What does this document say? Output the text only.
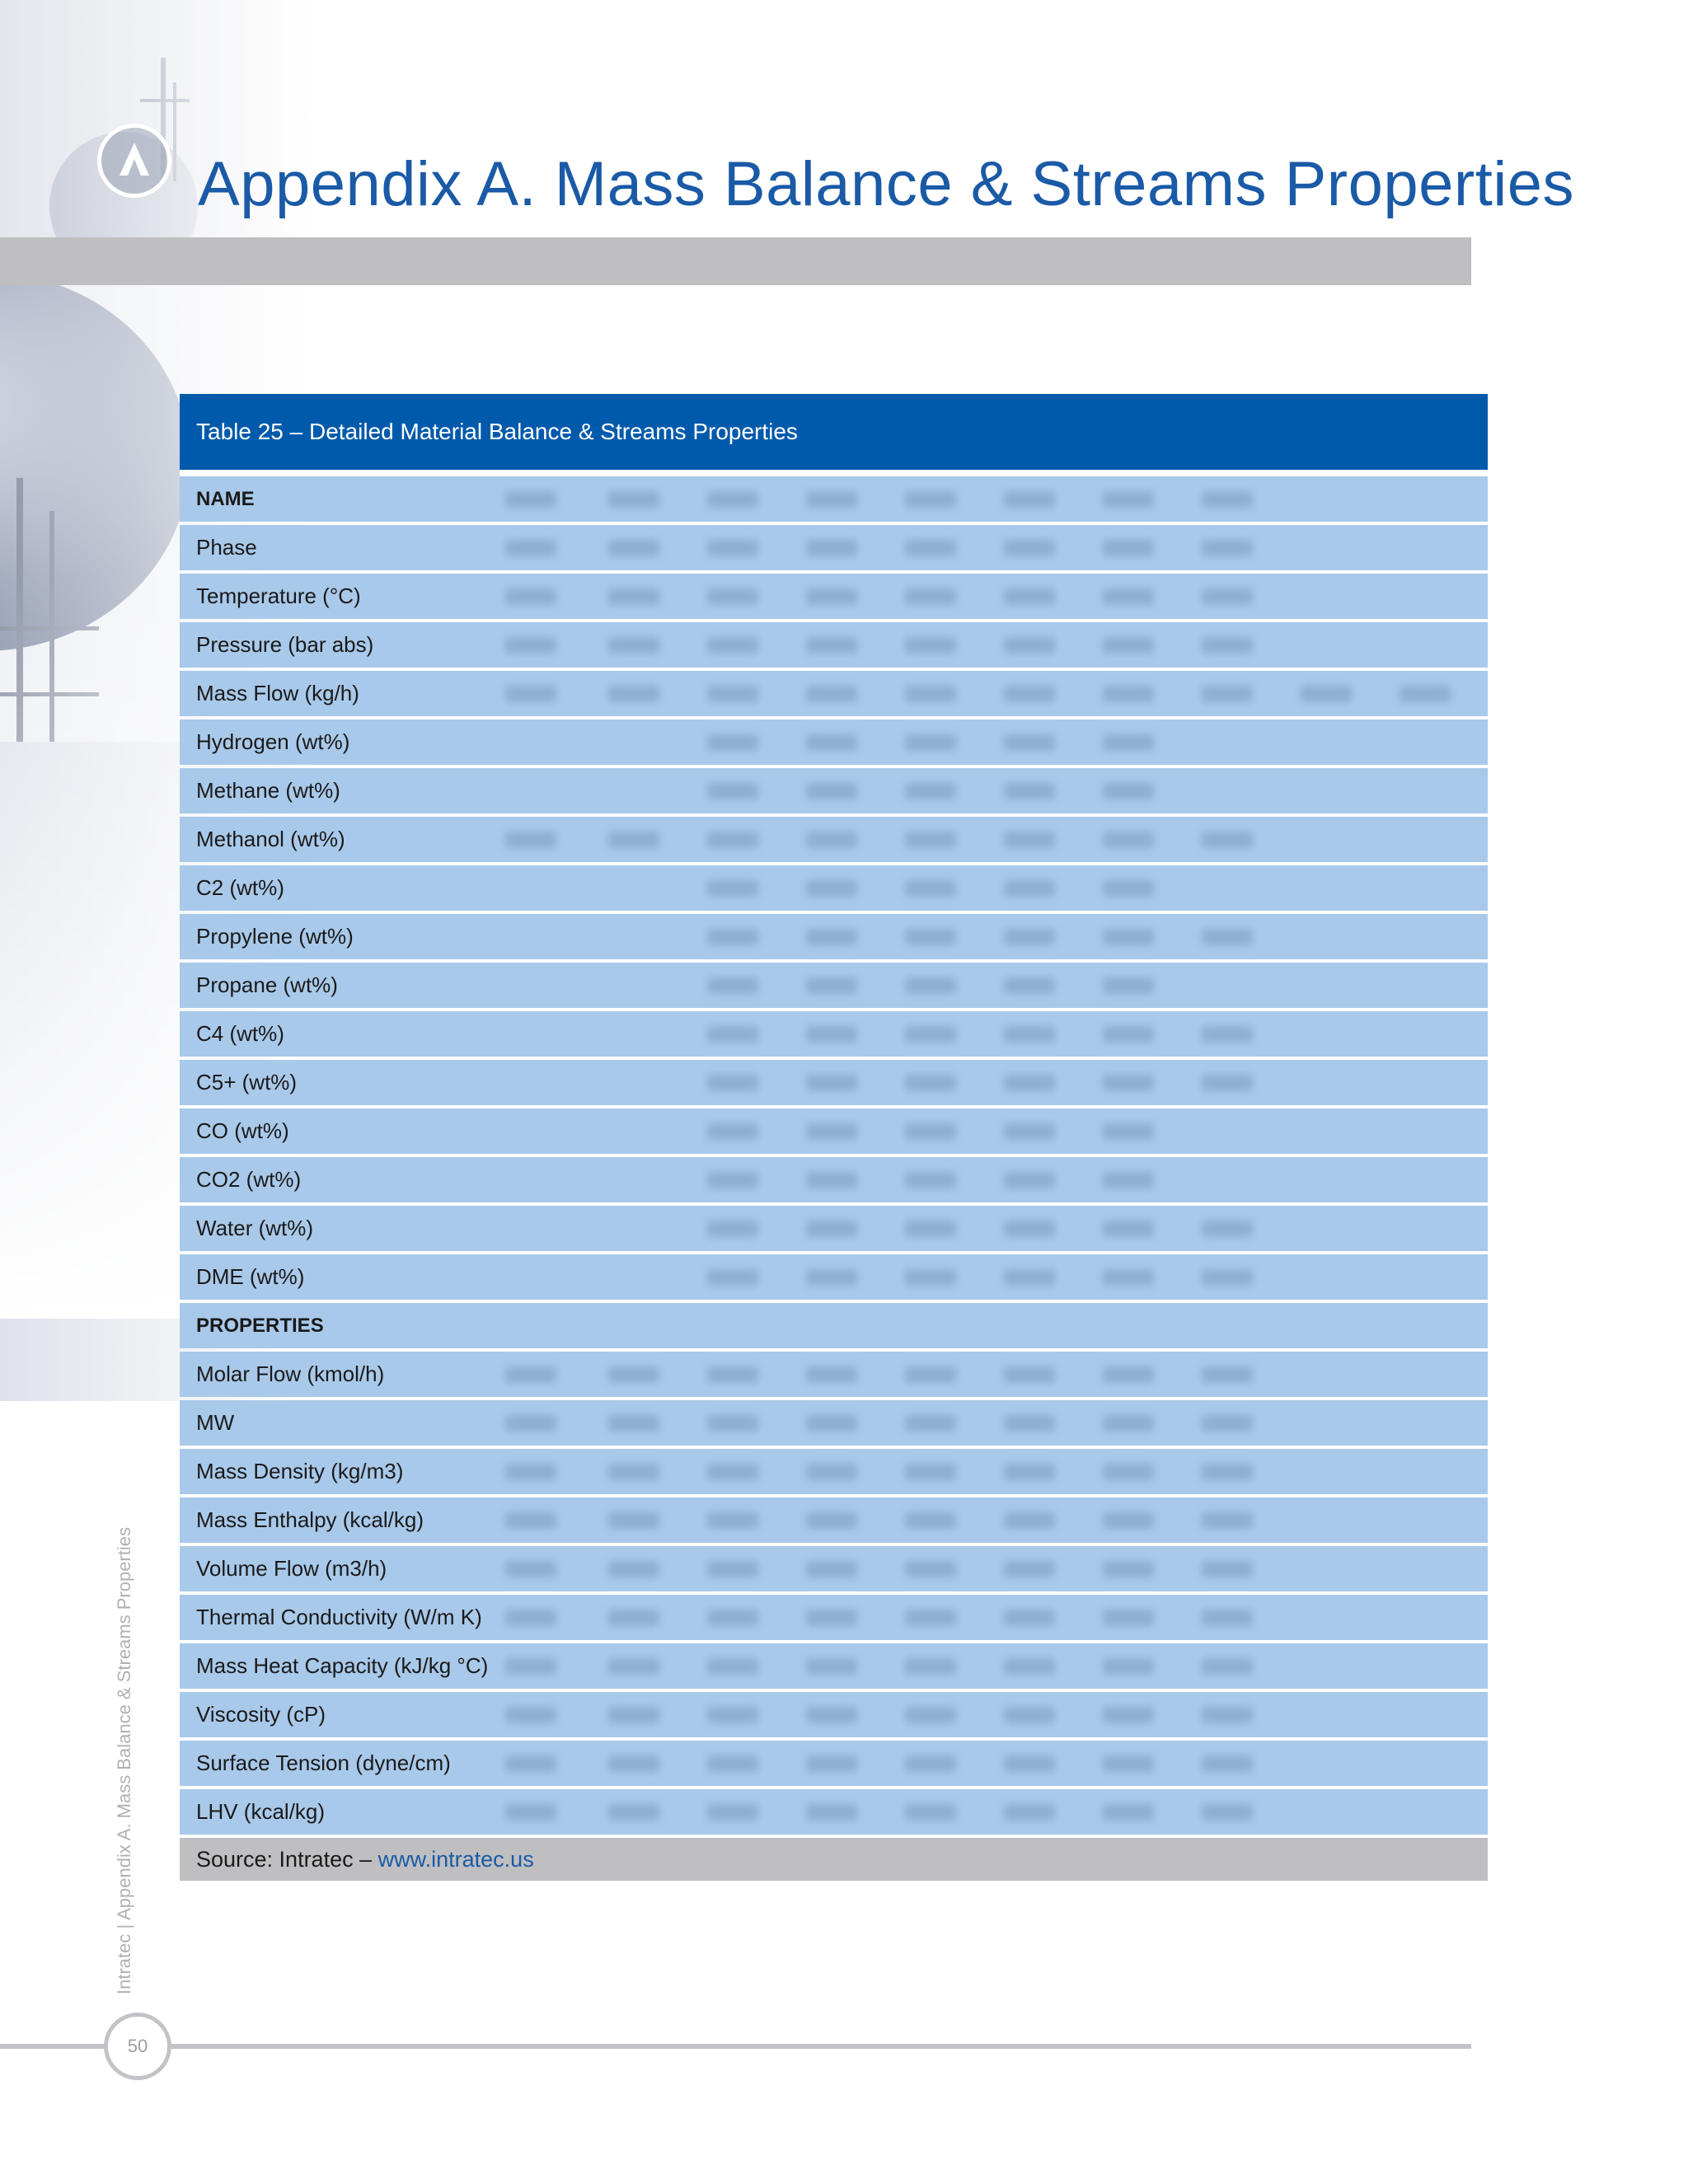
Appendix A. Mass Balance & Streams Properties
Table 25 – Detailed Material Balance & Streams Properties
NAME
Phase
Temperature (°C)
Pressure (bar abs)
Mass Flow (kg/h)
Hydrogen (wt%)
Methane (wt%)
Methanol (wt%)
C2 (wt%)
Propylene (wt%)
Propane (wt%)
C4 (wt%)
C5+ (wt%)
CO (wt%)
CO2 (wt%)
Water (wt%)
DME (wt%)
PROPERTIES
Molar Flow (kmol/h)
MW
Mass Density (kg/m3)
Mass Enthalpy (kcal/kg)
Volume Flow (m3/h)
Thermal Conductivity (W/m K)
Mass Heat Capacity (kJ/kg °C)
Viscosity (cP)
Surface Tension (dyne/cm)
LHV (kcal/kg)
Source: Intratec – www.intratec.us
Intratec | Appendix A. Mass Balance & Streams Properties
50
